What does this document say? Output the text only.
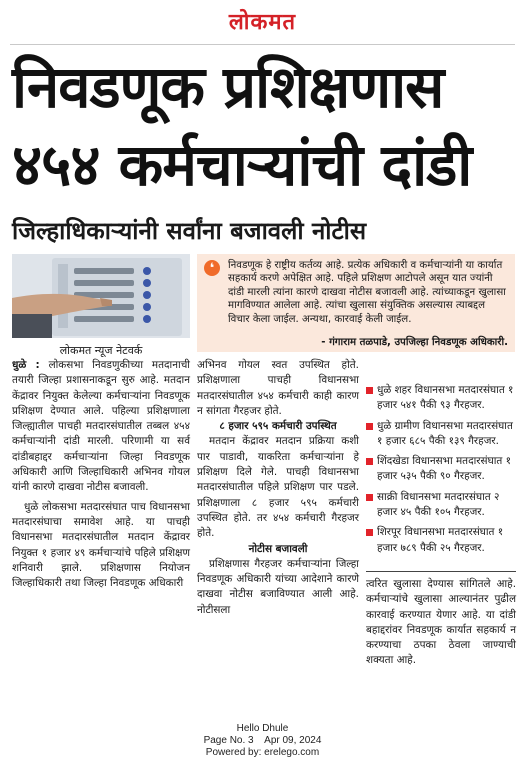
लोकमत
निवडणूक प्रशिक्षणास
४५४ कर्मचाऱ्यांची दांडी
जिल्हाधिकाऱ्यांनी सर्वांना बजावली नोटीस
लोकमत न्यूज नेटवर्क
❛	निवडणूक हे राष्ट्रीय कर्तव्य आहे. प्रत्येक अधिकारी व कर्मचाऱ्यांनी या कार्यात सहकार्य करणे अपेक्षित आहे. पहिले प्रशिक्षण आटोपले असून यात ज्यांनी दांडी मारली त्यांना कारणे दाखवा नोटीस बजावली आहे. त्यांच्याकडून खुलासा मागविण्यात आलेला आहे. त्यांचा खुलासा संयुक्तिक असल्यास त्याबद्दल विचार केला जाईल. अन्यथा, कारवाई केली जाईल.
- गंगाराम तळपाडे, उपजिल्हा निवडणूक अधिकारी.
धुळे : लोकसभा निवडणुकीच्या मतदानाची तयारी जिल्हा प्रशासनाकडून सुरु आहे. मतदान केंद्रावर नियुक्त केलेल्या कर्मचाऱ्यांना निवडणूक प्रशिक्षण देण्यात आले. पहिल्या प्रशिक्षणाला जिल्ह्यातील पाचही मतदारसंघातील तब्बल ४५४ कर्मचाऱ्यांनी दांडी मारली. परिणामी या सर्व दांडीबहाद्दर कर्मचाऱ्यांना जिल्हा निवडणूक अधिकारी आणि जिल्हाधिकारी अभिनव गोयल यांनी कारणे दाखवा नोटीस बजावली.
धुळे लोकसभा मतदारसंघात पाच विधानसभा मतदारसंघाचा समावेश आहे. या पाचही विधानसभा मतदारसंघातील मतदान केंद्रावर नियुक्त १ हजार ४९ कर्मचाऱ्यांचे पहिले प्रशिक्षण शनिवारी झाले. प्रशिक्षणास नियोजन जिल्हाधिकारी तथा जिल्हा निवडणूक अधिकारी
अभिनव गोयल स्वत उपस्थित होते. प्रशिक्षणाला पाचही विधानसभा मतदारसंघातील ४५४ कर्मचारी काही कारण न सांगता गैरहजर होते.
८ हजार ५९५ कर्मचारी उपस्थित
मतदान केंद्रावर मतदान प्रक्रिया कशी पार पाडावी, याकरिता कर्मचाऱ्यांना हे प्रशिक्षण दिले गेले. पाचही विधानसभा मतदारसंघातील पहिले प्रशिक्षण पार पडले. प्रशिक्षणाला ८ हजार ५९५ कर्मचारी उपस्थित होते. तर ४५४ कर्मचारी गैरहजर होते.
नोटीस बजावली
प्रशिक्षणास गैरहजर कर्मचाऱ्यांना जिल्हा निवडणूक अधिकारी यांच्या आदेशाने कारणे दाखवा नोटीस बजाविण्यात आली आहे. नोटीसला
धुळे शहर विधानसभा मतदारसंघात १ हजार ५४१ पैकी ९३ गैरहजर.
धुळे ग्रामीण विधानसभा मतदारसंघात १ हजार ६८५ पैकी १३९ गैरहजर.
शिंदखेडा विधानसभा मतदारसंघात १ हजार ५३५ पैकी ९० गैरहजर.
साक्री विधानसभा मतदारसंघात २ हजार ४५ पैकी १०५ गैरहजर.
शिरपूर विधानसभा मतदारसंघात १ हजार ७८९ पैकी २५ गैरहजर.
त्वरित खुलासा देण्यास सांगितले आहे. कर्मचाऱ्यांचे खुलासा आल्यानंतर पुढील कारवाई करण्यात येणार आहे. या दांडी बहाद्दरांवर निवडणूक कार्यात सहकार्य न करण्याचा ठपका ठेवला जाण्याची शक्यता आहे.
Hello Dhule
Page No. 3    Apr 09, 2024
Powered by: erelego.com
